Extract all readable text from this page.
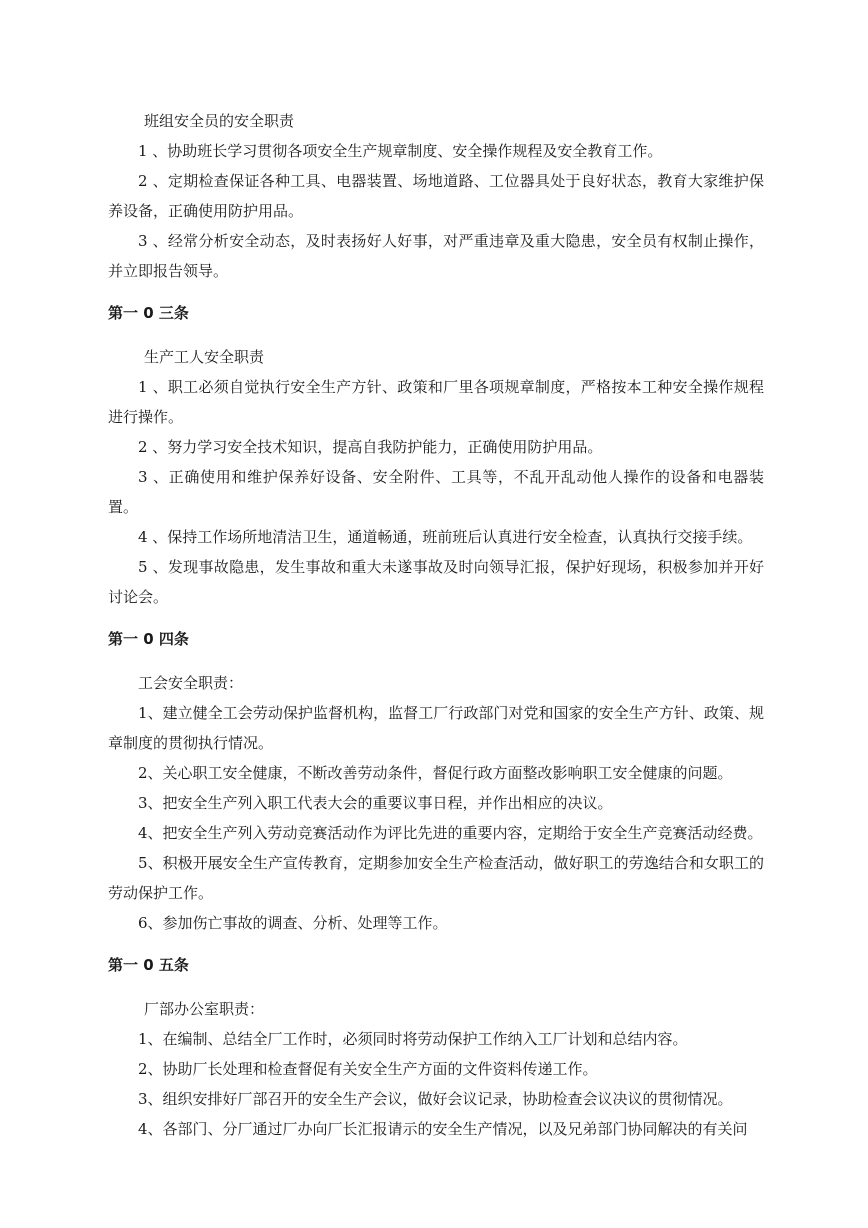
班组安全员的安全职责

1 、协助班长学习贯彻各项安全生产规章制度、安全操作规程及安全教育工作。

2 、定期检查保证各种工具、电器装置、场地道路、工位器具处于良好状态，教育大家维护保养设备，正确使用防护用品。

3 、经常分析安全动态，及时表扬好人好事，对严重违章及重大隐患，安全员有权制止操作，并立即报告领导。

第一 0 三条

生产工人安全职责

1 、职工必须自觉执行安全生产方针、政策和厂里各项规章制度，严格按本工种安全操作规程进行操作。

2 、努力学习安全技术知识，提高自我防护能力，正确使用防护用品。

3 、正确使用和维护保养好设备、安全附件、工具等，不乱开乱动他人操作的设备和电器装置。

4 、保持工作场所地清洁卫生，通道畅通，班前班后认真进行安全检查，认真执行交接手续。

5 、发现事故隐患，发生事故和重大未遂事故及时向领导汇报，保护好现场，积极参加并开好讨论会。

第一 0 四条

工会安全职责：

1、建立健全工会劳动保护监督机构，监督工厂行政部门对党和国家的安全生产方针、政策、规章制度的贯彻执行情况。

2、关心职工安全健康，不断改善劳动条件，督促行政方面整改影响职工安全健康的问题。

3、把安全生产列入职工代表大会的重要议事日程，并作出相应的决议。

4、把安全生产列入劳动竞赛活动作为评比先进的重要内容，定期给于安全生产竞赛活动经费。

5、积极开展安全生产宣传教育，定期参加安全生产检查活动，做好职工的劳逸结合和女职工的劳动保护工作。

6、参加伤亡事故的调查、分析、处理等工作。

第一 0 五条

厂部办公室职责：

1、在编制、总结全厂工作时，必须同时将劳动保护工作纳入工厂计划和总结内容。

2、协助厂长处理和检查督促有关安全生产方面的文件资料传递工作。

3、组织安排好厂部召开的安全生产会议，做好会议记录，协助检查会议决议的贯彻情况。

4、各部门、分厂通过厂办向厂长汇报请示的安全生产情况，以及兄弟部门协同解决的有关问
